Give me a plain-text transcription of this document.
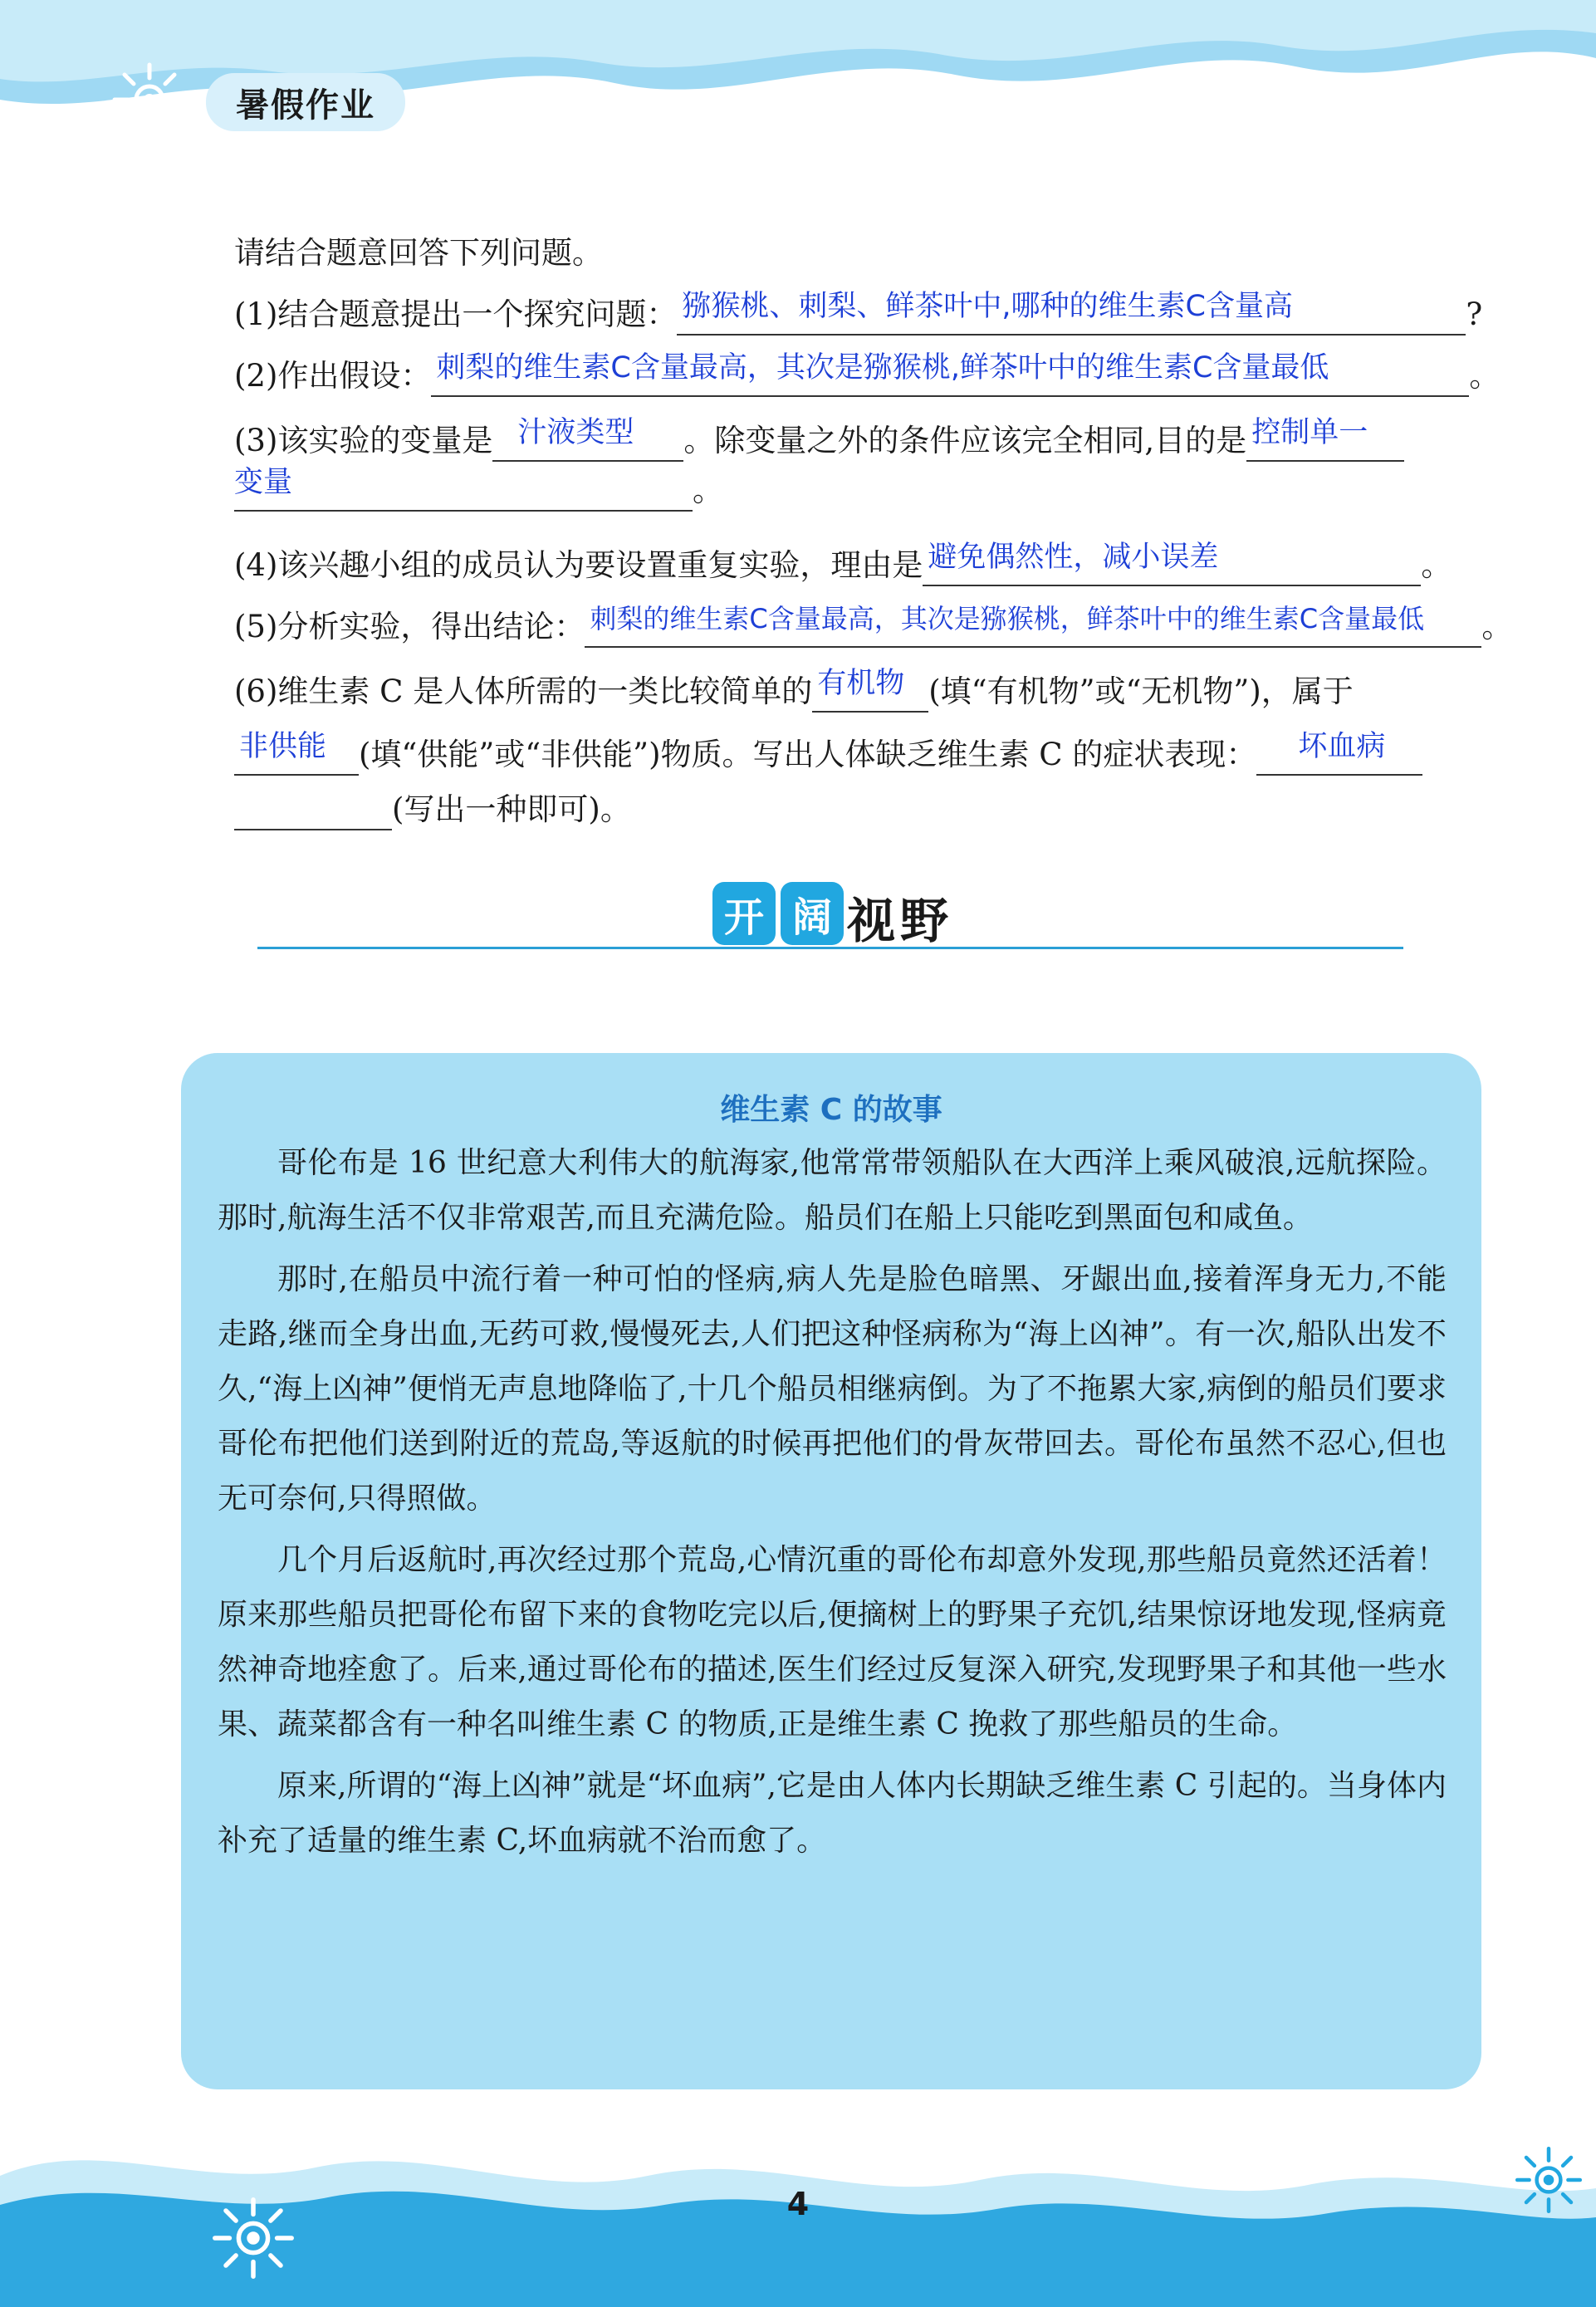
暑假作业
请结合题意回答下列问题。
(1)结合题意提出一个探究问题： 猕猴桃、刺梨、鲜茶叶中,哪种的维生素C含量高	?
(2)作出假设： 刺梨的维生素C含量最高，其次是猕猴桃,鲜茶叶中的维生素C含量最低	。
(3)该实验的变量是 汁液类型 。除变量之外的条件应该完全相同,目的是 控制单一
变量	。
(4)该兴趣小组的成员认为要设置重复实验，理由是 避免偶然性，减小误差	。
(5)分析实验，得出结论： 刺梨的维生素C含量最高，其次是猕猴桃，鲜茶叶中的维生素C含量最低 。
(6)维生素 C 是人体所需的一类比较简单的 有机物 (填“有机物”或“无机物”)，属于
非供能 (填“供能”或“非供能”)物质。写出人体缺乏维生素 C 的症状表现： 坏血病
(写出一种即可)。
开 阔 视野
维生素 C 的故事

哥伦布是 16 世纪意大利伟大的航海家,他常常带领船队在大西洋上乘风破浪,远航探险。那时,航海生活不仅非常艰苦,而且充满危险。船员们在船上只能吃到黑面包和咸鱼。

那时,在船员中流行着一种可怕的怪病,病人先是脸色暗黑、牙龈出血,接着浑身无力,不能走路,继而全身出血,无药可救,慢慢死去,人们把这种怪病称为“海上凶神”。有一次,船队出发不久,“海上凶神”便悄无声息地降临了,十几个船员相继病倒。为了不拖累大家,病倒的船员们要求哥伦布把他们送到附近的荒岛,等返航的时候再把他们的骨灰带回去。哥伦布虽然不忍心,但也无可奈何,只得照做。

几个月后返航时,再次经过那个荒岛,心情沉重的哥伦布却意外发现,那些船员竟然还活着！原来那些船员把哥伦布留下来的食物吃完以后,便摘树上的野果子充饥,结果惊讶地发现,怪病竟然神奇地痊愈了。后来,通过哥伦布的描述,医生们经过反复深入研究,发现野果子和其他一些水果、蔬菜都含有一种名叫维生素 C 的物质,正是维生素 C 挽救了那些船员的生命。

原来,所谓的“海上凶神”就是“坏血病”,它是由人体内长期缺乏维生素 C 引起的。当身体内补充了适量的维生素 C,坏血病就不治而愈了。

4
